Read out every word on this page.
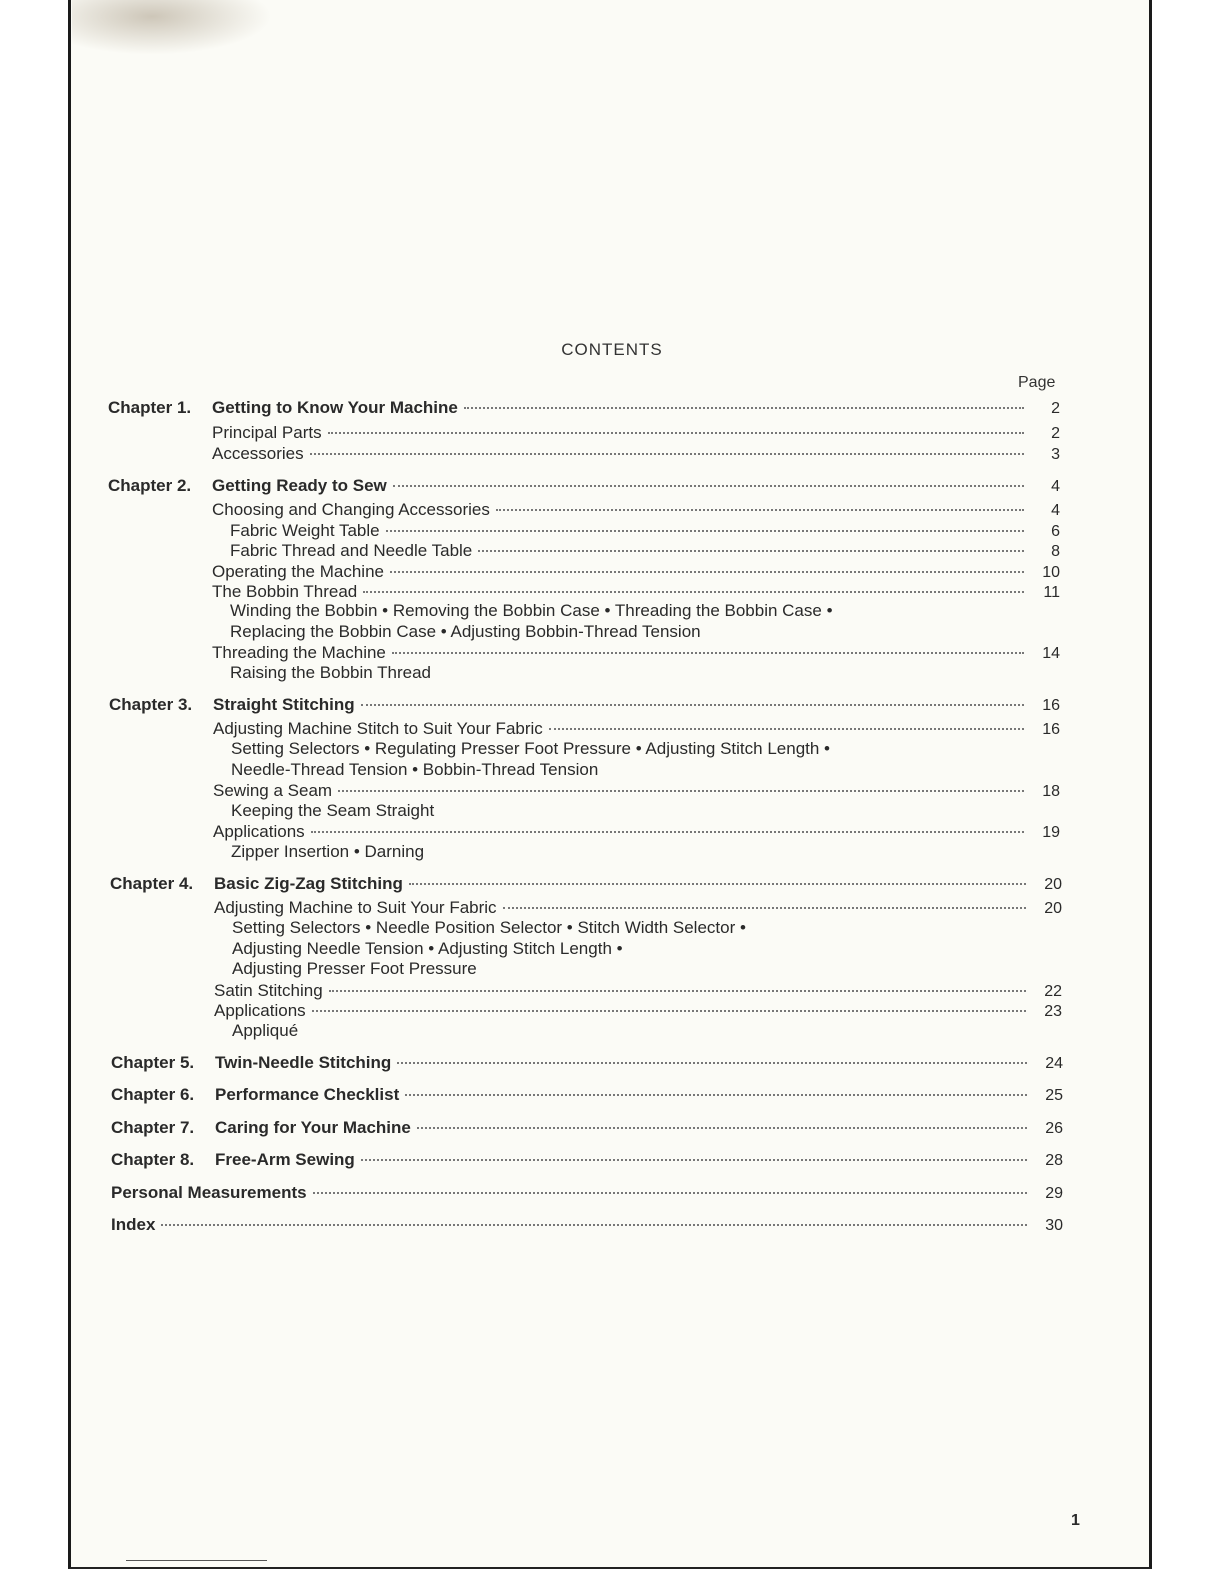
CONTENTS
Page
Chapter 1.	Getting to Know Your Machine	2
Principal Parts	2
Accessories	3
Chapter 2.	Getting Ready to Sew	4
Choosing and Changing Accessories	4
Fabric Weight Table	6
Fabric Thread and Needle Table	8
Operating the Machine	10
The Bobbin Thread	11
Winding the Bobbin • Removing the Bobbin Case • Threading the Bobbin Case •
Replacing the Bobbin Case • Adjusting Bobbin-Thread Tension
Threading the Machine	14
Raising the Bobbin Thread
Chapter 3.	Straight Stitching	16
Adjusting Machine Stitch to Suit Your Fabric	16
Setting Selectors • Regulating Presser Foot Pressure • Adjusting Stitch Length •
Needle-Thread Tension • Bobbin-Thread Tension
Sewing a Seam	18
Keeping the Seam Straight
Applications	19
Zipper Insertion • Darning
Chapter 4.	Basic Zig-Zag Stitching	20
Adjusting Machine to Suit Your Fabric	20
Setting Selectors • Needle Position Selector • Stitch Width Selector •
Adjusting Needle Tension • Adjusting Stitch Length •
Adjusting Presser Foot Pressure
Satin Stitching	22
Applications	23
Appliqué
Chapter 5.	Twin-Needle Stitching	24
Chapter 6.	Performance Checklist	25
Chapter 7.	Caring for Your Machine	26
Chapter 8.	Free-Arm Sewing	28
Personal Measurements	29
Index	30
1
